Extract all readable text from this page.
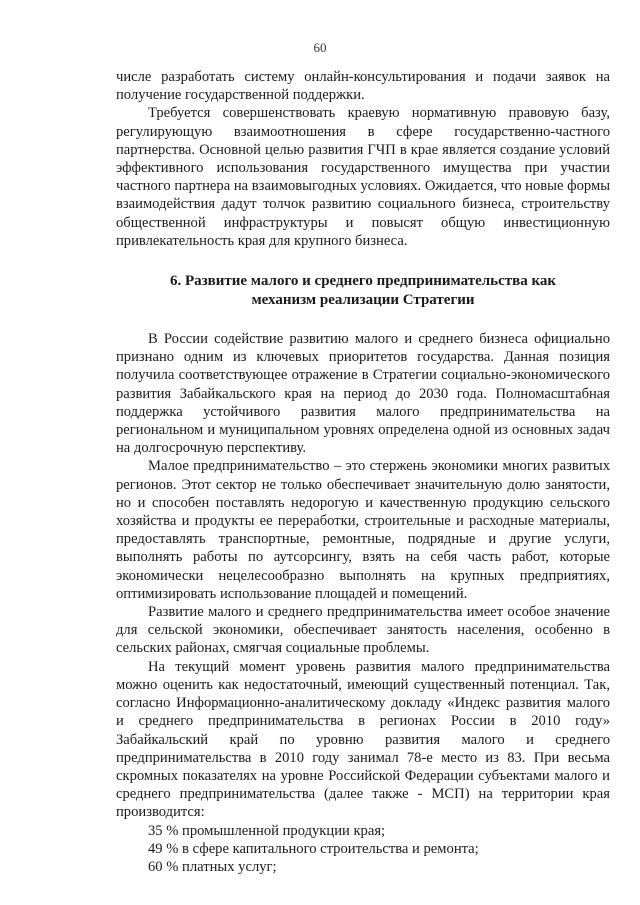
60

числе разработать систему онлайн-консультирования и подачи заявок на получение государственной поддержки.

Требуется совершенствовать краевую нормативную правовую базу, регулирующую взаимоотношения в сфере государственно-частного партнерства. Основной целью развития ГЧП в крае является создание условий эффективного использования государственного имущества при участии частного партнера на взаимовыгодных условиях. Ожидается, что новые формы взаимодействия дадут толчок развитию социального бизнеса, строительству общественной инфраструктуры и повысят общую инвестиционную привлекательность края для крупного бизнеса.

6. Развитие малого и среднего предпринимательства как
механизм реализации Стратегии

В России содействие развитию малого и среднего бизнеса официально признано одним из ключевых приоритетов государства. Данная позиция получила соответствующее отражение в Стратегии социально-экономического развития Забайкальского края на период до 2030 года. Полномасштабная поддержка устойчивого развития малого предпринимательства на региональном и муниципальном уровнях определена одной из основных задач на долгосрочную перспективу.

Малое предпринимательство – это стержень экономики многих развитых регионов. Этот сектор не только обеспечивает значительную долю занятости, но и способен поставлять недорогую и качественную продукцию сельского хозяйства и продукты ее переработки, строительные и расходные материалы, предоставлять транспортные, ремонтные, подрядные и другие услуги, выполнять работы по аутсорсингу, взять на себя часть работ, которые экономически нецелесообразно выполнять на крупных предприятиях, оптимизировать использование площадей и помещений.

Развитие малого и среднего предпринимательства имеет особое значение для сельской экономики, обеспечивает занятость населения, особенно в сельских районах, смягчая социальные проблемы.

На текущий момент уровень развития малого предпринимательства можно оценить как недостаточный, имеющий существенный потенциал. Так, согласно Информационно-аналитическому докладу «Индекс развития малого и среднего предпринимательства в регионах России в 2010 году» Забайкальский край по уровню развития малого и среднего предпринимательства в 2010 году занимал 78-е место из 83. При весьма скромных показателях на уровне Российской Федерации субъектами малого и среднего предпринимательства (далее также - МСП) на территории края производится:

35 % промышленной продукции края;
49 % в сфере капитального строительства и ремонта;
60 % платных услуг;
